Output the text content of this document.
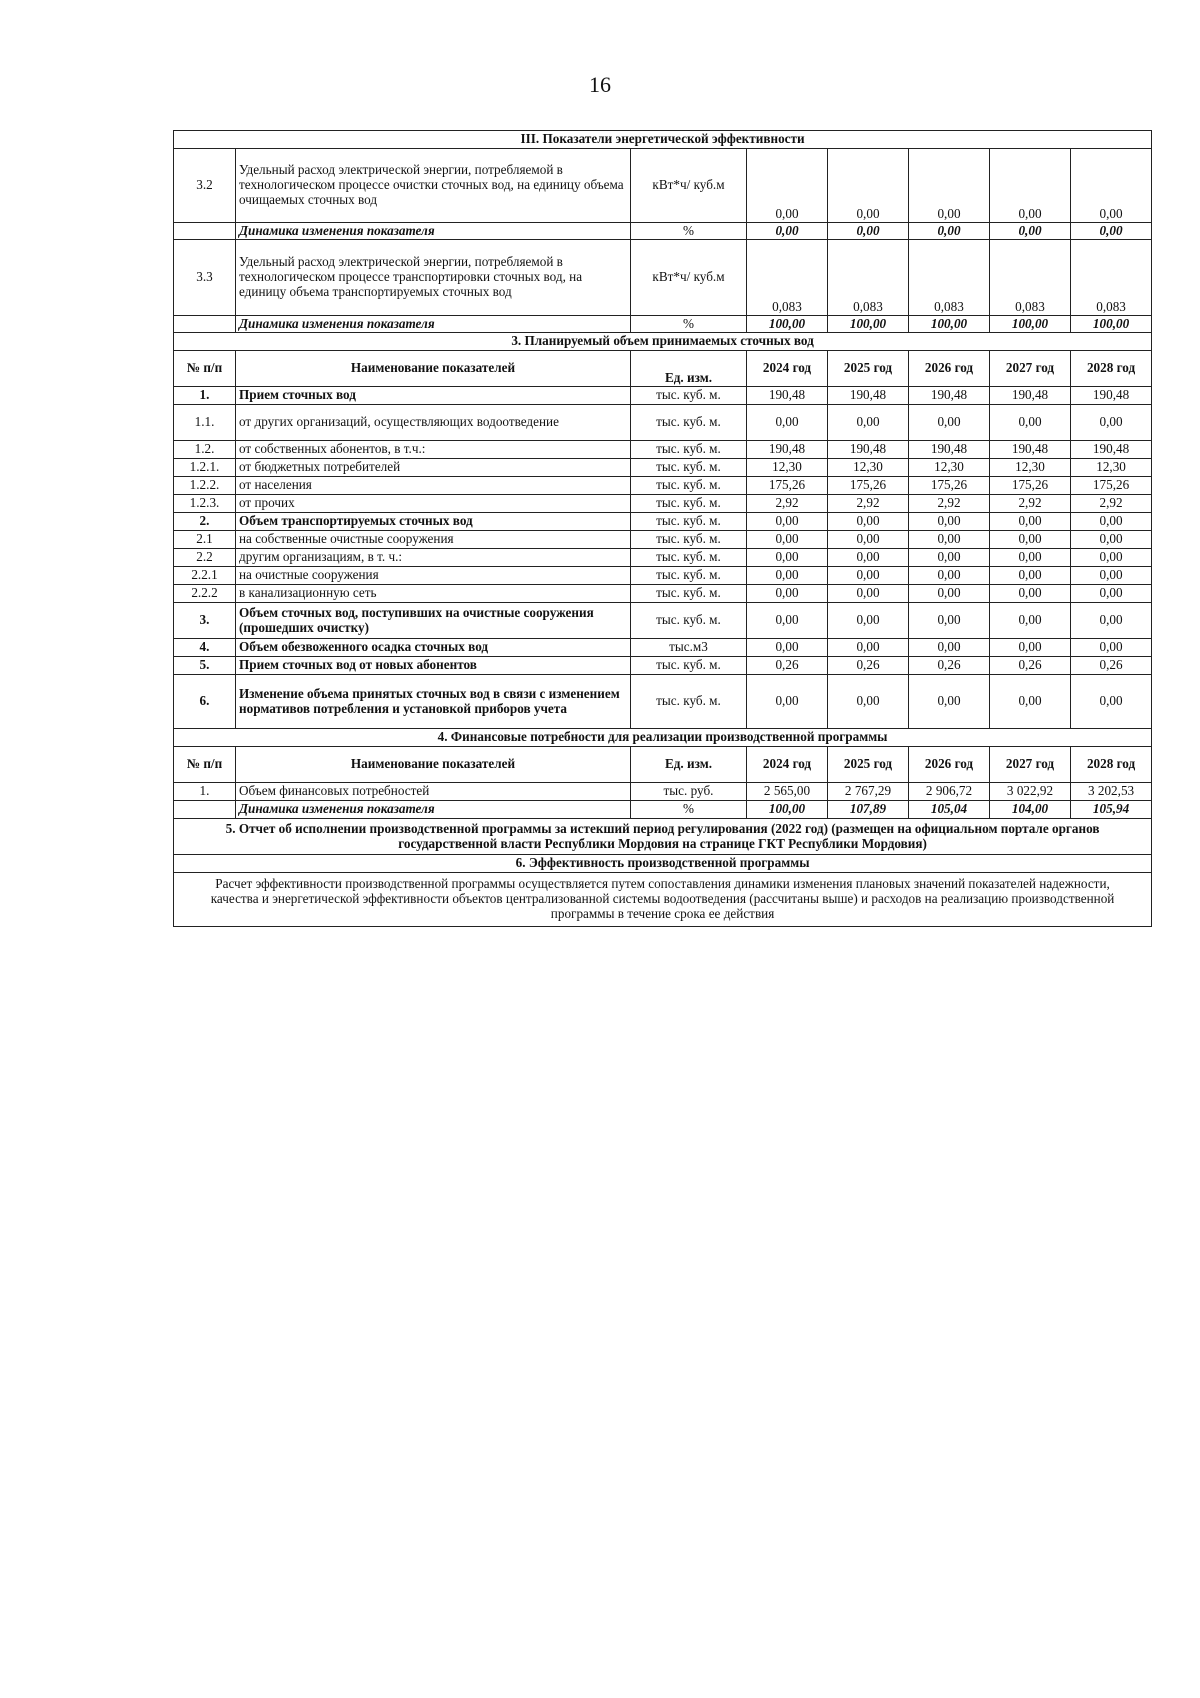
16
III. Показатели энергетической эффективности							
3.2	Удельный расход электрической энергии, потребляемой в технологическом процессе очистки сточных вод, на единицу объема очищаемых сточных вод	кВт*ч/ куб.м	0,00	0,00	0,00	0,00	0,00
	Динамика изменения показателя	%	0,00	0,00	0,00	0,00	0,00
3.3	Удельный расход электрической энергии, потребляемой в технологическом процессе транспортировки сточных вод, на единицу объема транспортируемых сточных вод	кВт*ч/ куб.м	0,083	0,083	0,083	0,083	0,083
	Динамика изменения показателя	%	100,00	100,00	100,00	100,00	100,00
3. Планируемый объем принимаемых сточных вод							
№ п/п	Наименование показателей	Ед. изм.	2024 год	2025 год	2026 год	2027 год	2028 год
1.	Прием сточных вод	тыс. куб. м.	190,48	190,48	190,48	190,48	190,48
1.1.	от других организаций, осуществляющих водоотведение	тыс. куб. м.	0,00	0,00	0,00	0,00	0,00
1.2.	от собственных абонентов, в т.ч.:	тыс. куб. м.	190,48	190,48	190,48	190,48	190,48
1.2.1.	от бюджетных потребителей	тыс. куб. м.	12,30	12,30	12,30	12,30	12,30
1.2.2.	от населения	тыс. куб. м.	175,26	175,26	175,26	175,26	175,26
1.2.3.	от прочих	тыс. куб. м.	2,92	2,92	2,92	2,92	2,92
2.	Объем транспортируемых сточных вод	тыс. куб. м.	0,00	0,00	0,00	0,00	0,00
2.1	на собственные очистные сооружения	тыс. куб. м.	0,00	0,00	0,00	0,00	0,00
2.2	другим организациям, в т. ч.:	тыс. куб. м.	0,00	0,00	0,00	0,00	0,00
2.2.1	на очистные сооружения	тыс. куб. м.	0,00	0,00	0,00	0,00	0,00
2.2.2	в канализационную сеть	тыс. куб. м.	0,00	0,00	0,00	0,00	0,00
3.	Объем сточных вод, поступивших на очистные сооружения (прошедших очистку)	тыс. куб. м.	0,00	0,00	0,00	0,00	0,00
4.	Объем обезвоженного осадка сточных вод	тыс.м3	0,00	0,00	0,00	0,00	0,00
5.	Прием сточных вод от новых абонентов	тыс. куб. м.	0,26	0,26	0,26	0,26	0,26
6.	Изменение объема принятых сточных вод в связи с изменением нормативов потребления и установкой приборов учета	тыс. куб. м.	0,00	0,00	0,00	0,00	0,00
4. Финансовые потребности для реализации производственной программы							
№ п/п	Наименование показателей	Ед. изм.	2024 год	2025 год	2026 год	2027 год	2028 год
1.	Объем финансовых потребностей	тыс. руб.	2 565,00	2 767,29	2 906,72	3 022,92	3 202,53
	Динамика изменения показателя	%	100,00	107,89	105,04	104,00	105,94
5. Отчет об исполнении производственной программы за истекший период регулирования (2022 год) (размещен на официальном портале органов государственной власти Республики Мордовия на странице ГКТ Республики Мордовия)							
6. Эффективность производственной программы							
Расчет эффективности производственной программы осуществляется путем сопоставления динамики изменения плановых значений показателей надежности, качества и энергетической эффективности объектов централизованной системы водоотведения (рассчитаны выше) и расходов на реализацию производственной программы в течение срока ее действия							
